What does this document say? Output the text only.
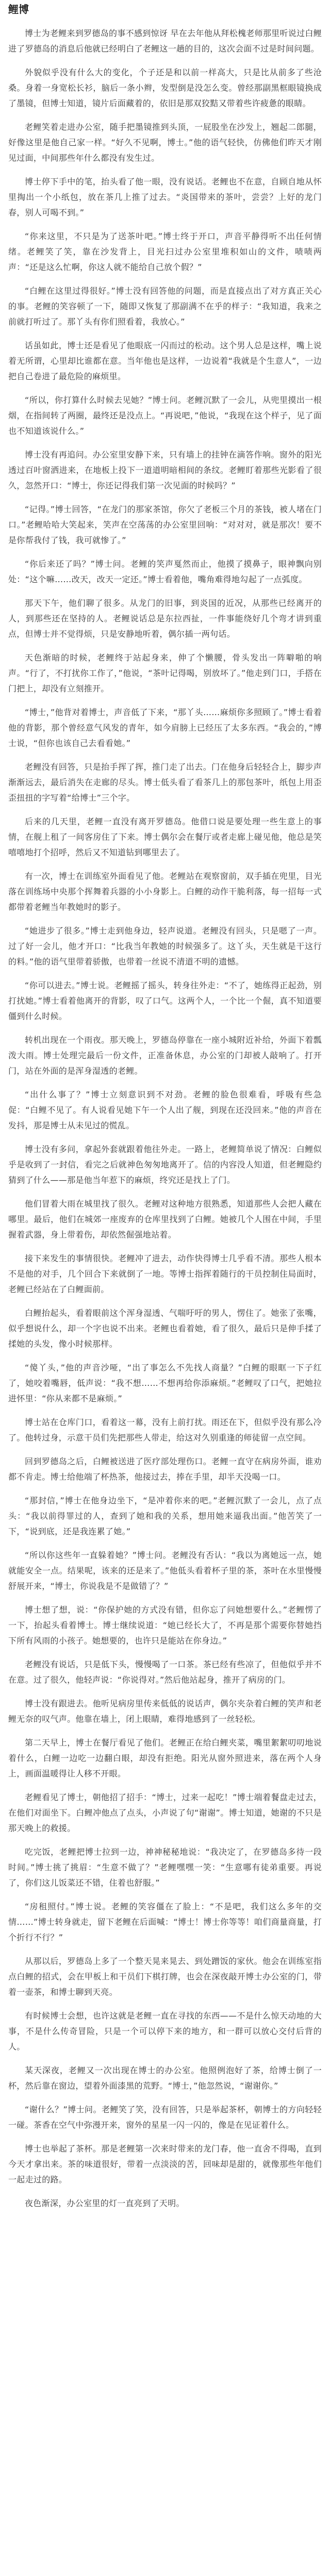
鲤博

博士为老鲤来到罗德岛的事不感到惊讶 早在去年他从拜松槐老师那里听说过白鲤进了罗德岛的消息后他就已经明白了老鲤这一趟的目的，这次会面不过是时间问题。

外貌似乎没有什么大的变化，个子还是和以前一样高大，只是比从前多了些沧桑。身着一身宽松长衫，脑后一条小辫，发型倒是没怎么变。曾经那副黑框眼镜换成了墨镜，但博士知道，镜片后面藏着的，依旧是那双狡黠又带着些许疲惫的眼睛。

老鲤笑着走进办公室，随手把墨镜推到头顶，一屁股坐在沙发上，翘起二郎腿，好像这里是他自己家一样。“好久不见啊，博士。”他的语气轻快，仿佛他们昨天才刚见过面，中间那些年什么都没有发生过。

博士停下手中的笔，抬头看了他一眼，没有说话。老鲤也不在意，自顾自地从怀里掏出一个小纸包，放在茶几上推了过去。“炎国带来的茶叶，尝尝？上好的龙门春，别人可喝不到。”

“你来这里，不只是为了送茶叶吧。”博士终于开口，声音平静得听不出任何情绪。老鲤笑了笑，靠在沙发背上，目光扫过办公室里堆积如山的文件，啧啧两声：“还是这么忙啊，你这人就不能给自己放个假？”

“白鲤在这里过得很好。”博士没有回答他的问题，而是直接点出了对方真正关心的事。老鲤的笑容顿了一下，随即又恢复了那副满不在乎的样子：“我知道，我来之前就打听过了。那丫头有你们照看着，我放心。”

话虽如此，博士还是看见了他眼底一闪而过的松动。这个男人总是这样，嘴上说着无所谓，心里却比谁都在意。当年他也是这样，一边说着“我就是个生意人”，一边把自己卷进了最危险的麻烦里。

“所以，你打算什么时候去见她？”博士问。老鲤沉默了一会儿，从兜里摸出一根烟，在指间转了两圈，最终还是没点上。“再说吧，”他说，“我现在这个样子，见了面也不知道该说什么。”

博士没有再追问。办公室里安静下来，只有墙上的挂钟在滴答作响。窗外的阳光透过百叶窗洒进来，在地板上投下一道道明暗相间的条纹。老鲤盯着那些光影看了很久，忽然开口：“博士，你还记得我们第一次见面的时候吗？”

“记得。”博士回答，“在龙门的那家茶馆，你欠了老板三个月的茶钱，被人堵在门口。”老鲤哈哈大笑起来，笑声在空荡荡的办公室里回响：“对对对，就是那次！要不是你帮我付了钱，我可就惨了。”

“你后来还了吗？”博士问。老鲤的笑声戛然而止，他摸了摸鼻子，眼神飘向别处：“这个嘛……改天，改天一定还。”博士看着他，嘴角难得地勾起了一点弧度。

那天下午，他们聊了很多。从龙门的旧事，到炎国的近况，从那些已经离开的人，到那些还在坚持的人。老鲤说话总是东拉西扯，一件事能绕好几个弯才讲到重点，但博士并不觉得烦，只是安静地听着，偶尔插一两句话。

天色渐暗的时候，老鲤终于站起身来，伸了个懒腰，骨头发出一阵噼啪的响声。“行了，不打扰你工作了，”他说，“茶叶记得喝，别放坏了。”他走到门口，手搭在门把上，却没有立刻推开。

“博士，”他背对着博士，声音低了下来，“那丫头……麻烦你多照顾了。”博士看着他的背影，那个曾经意气风发的青年，如今肩膀上已经压了太多东西。“我会的，”博士说，“但你也该自己去看看她。”

老鲤没有回答，只是抬手挥了挥，推门走了出去。门在他身后轻轻合上，脚步声渐渐远去，最后消失在走廊的尽头。博士低头看了看茶几上的那包茶叶，纸包上用歪歪扭扭的字写着“给博士”三个字。

后来的几天里，老鲤一直没有离开罗德岛。他借口说是要处理一些生意上的事情，在舰上租了一间客房住了下来。博士偶尔会在餐厅或者走廊上碰见他，他总是笑嘻嘻地打个招呼，然后又不知道钻到哪里去了。

有一次，博士在训练室外面看见了他。老鲤站在观察窗前，双手插在兜里，目光落在训练场中央那个挥舞着兵器的小小身影上。白鲤的动作干脆利落，每一招每一式都带着老鲤当年教她时的影子。

“她进步了很多。”博士走到他身边，轻声说道。老鲤没有回头，只是嗯了一声。过了好一会儿，他才开口：“比我当年教她的时候强多了。这丫头，天生就是干这行的料。”他的语气里带着骄傲，也带着一丝说不清道不明的遗憾。

“你可以进去。”博士说。老鲤摇了摇头，转身往外走：“不了，她练得正起劲，别打扰她。”博士看着他离开的背影，叹了口气。这两个人，一个比一个倔，真不知道要僵到什么时候。

转机出现在一个雨夜。那天晚上，罗德岛停靠在一座小城附近补给，外面下着瓢泼大雨。博士处理完最后一份文件，正准备休息，办公室的门却被人敲响了。打开门，站在外面的是浑身湿透的老鲤。

“出什么事了？”博士立刻意识到不对劲。老鲤的脸色很难看，呼吸有些急促：“白鲤不见了。有人说看见她下午一个人出了舰，到现在还没回来。”他的声音在发抖，那是博士从未见过的慌乱。

博士没有多问，拿起外套就跟着他往外走。一路上，老鲤简单说了情况：白鲤似乎是收到了一封信，看完之后就神色匆匆地离开了。信的内容没人知道，但老鲤隐约猜到了什么——那是他当年惹下的麻烦，终究还是找上了门。

他们冒着大雨在城里找了很久。老鲤对这种地方很熟悉，知道那些人会把人藏在哪里。最后，他们在城郊一座废弃的仓库里找到了白鲤。她被几个人围在中间，手里握着武器，身上带着伤，却依然倔强地站着。

接下来发生的事情很快。老鲤冲了进去，动作快得博士几乎看不清。那些人根本不是他的对手，几个回合下来就倒了一地。等博士指挥着随行的干员控制住局面时，老鲤已经站在了白鲤面前。

白鲤抬起头，看着眼前这个浑身湿透、气喘吁吁的男人，愣住了。她张了张嘴，似乎想说什么，却一个字也说不出来。老鲤也看着她，看了很久，最后只是伸手揉了揉她的头发，像小时候那样。

“傻丫头，”他的声音沙哑，“出了事怎么不先找人商量？”白鲤的眼眶一下子红了，她咬着嘴唇，低声说：“我不想……不想再给你添麻烦。”老鲤叹了口气，把她拉进怀里：“你从来都不是麻烦。”

博士站在仓库门口，看着这一幕，没有上前打扰。雨还在下，但似乎没有那么冷了。他转过身，示意干员们先把那些人带走，给这对久别重逢的师徒留一点空间。

回到罗德岛之后，白鲤被送进了医疗部处理伤口。老鲤一直守在病房外面，谁劝都不肯走。博士给他端了杯热茶，他接过去，捧在手里，却半天没喝一口。

“那封信，”博士在他身边坐下，“是冲着你来的吧。”老鲤沉默了一会儿，点了点头：“我以前得罪过的人，查到了她和我的关系，想用她来逼我出面。”他苦笑了一下，“说到底，还是我连累了她。”

“所以你这些年一直躲着她？”博士问。老鲤没有否认：“我以为离她远一点，她就能安全一点。结果呢，该来的还是来了。”他低头看着杯子里的茶，茶叶在水里慢慢舒展开来，“博士，你说我是不是做错了？”

博士想了想，说：“你保护她的方式没有错，但你忘了问她想要什么。”老鲤愣了一下，抬起头看着博士。博士继续说道：“她已经长大了，不再是那个需要你替她挡下所有风雨的小孩子。她想要的，也许只是能站在你身边。”

老鲤没有说话，只是低下头，慢慢喝了一口茶。茶已经有些凉了，但他似乎并不在意。过了很久，他轻声说：“你说得对。”然后他站起身，推开了病房的门。

博士没有跟进去。他听见病房里传来低低的说话声，偶尔夹杂着白鲤的笑声和老鲤无奈的叹气声。他靠在墙上，闭上眼睛，难得地感到了一丝轻松。

第二天早上，博士在餐厅看见了他们。老鲤正在给白鲤夹菜，嘴里絮絮叨叨地说着什么，白鲤一边吃一边翻白眼，却没有拒绝。阳光从窗外照进来，落在两个人身上，画面温暖得让人移不开眼。

老鲤看见了博士，朝他招了招手：“博士，过来一起吃！”博士端着餐盘走过去，在他们对面坐下。白鲤冲他点了点头，小声说了句“谢谢”。博士知道，她谢的不只是那天晚上的救援。

吃完饭，老鲤把博士拉到一边，神神秘秘地说：“我决定了，在罗德岛多待一段时间。”博士挑了挑眉：“生意不做了？”老鲤嘿嘿一笑：“生意哪有徒弟重要。再说了，你们这儿饭菜还不错，住着也舒服。”

“房租照付。”博士说。老鲤的笑容僵在了脸上：“不是吧，我们这么多年的交情……”博士转身就走，留下老鲤在后面喊：“博士！博士你等等！咱们商量商量，打个折行不行？”

从那以后，罗德岛上多了一个整天晃来晃去、到处蹭饭的家伙。他会在训练室指点白鲤的招式，会在甲板上和干员们下棋打牌，也会在深夜敲开博士办公室的门，带着一壶茶，和博士聊到天亮。

有时候博士会想，也许这就是老鲤一直在寻找的东西——不是什么惊天动地的大事，不是什么传奇冒险，只是一个可以停下来的地方，和一群可以放心交付后背的人。

某天深夜，老鲤又一次出现在博士的办公室。他照例泡好了茶，给博士倒了一杯，然后靠在窗边，望着外面漆黑的荒野。“博士，”他忽然说，“谢谢你。”

“谢什么？”博士问。老鲤笑了笑，没有回答，只是举起茶杯，朝博士的方向轻轻一碰。茶香在空气中弥漫开来，窗外的星星一闪一闪的，像是在见证着什么。

博士也举起了茶杯。那是老鲤第一次来时带来的龙门春，他一直舍不得喝，直到今天才拿出来。茶的味道很好，带着一点淡淡的苦，回味却是甜的，就像那些年他们一起走过的路。

夜色渐深，办公室里的灯一直亮到了天明。
